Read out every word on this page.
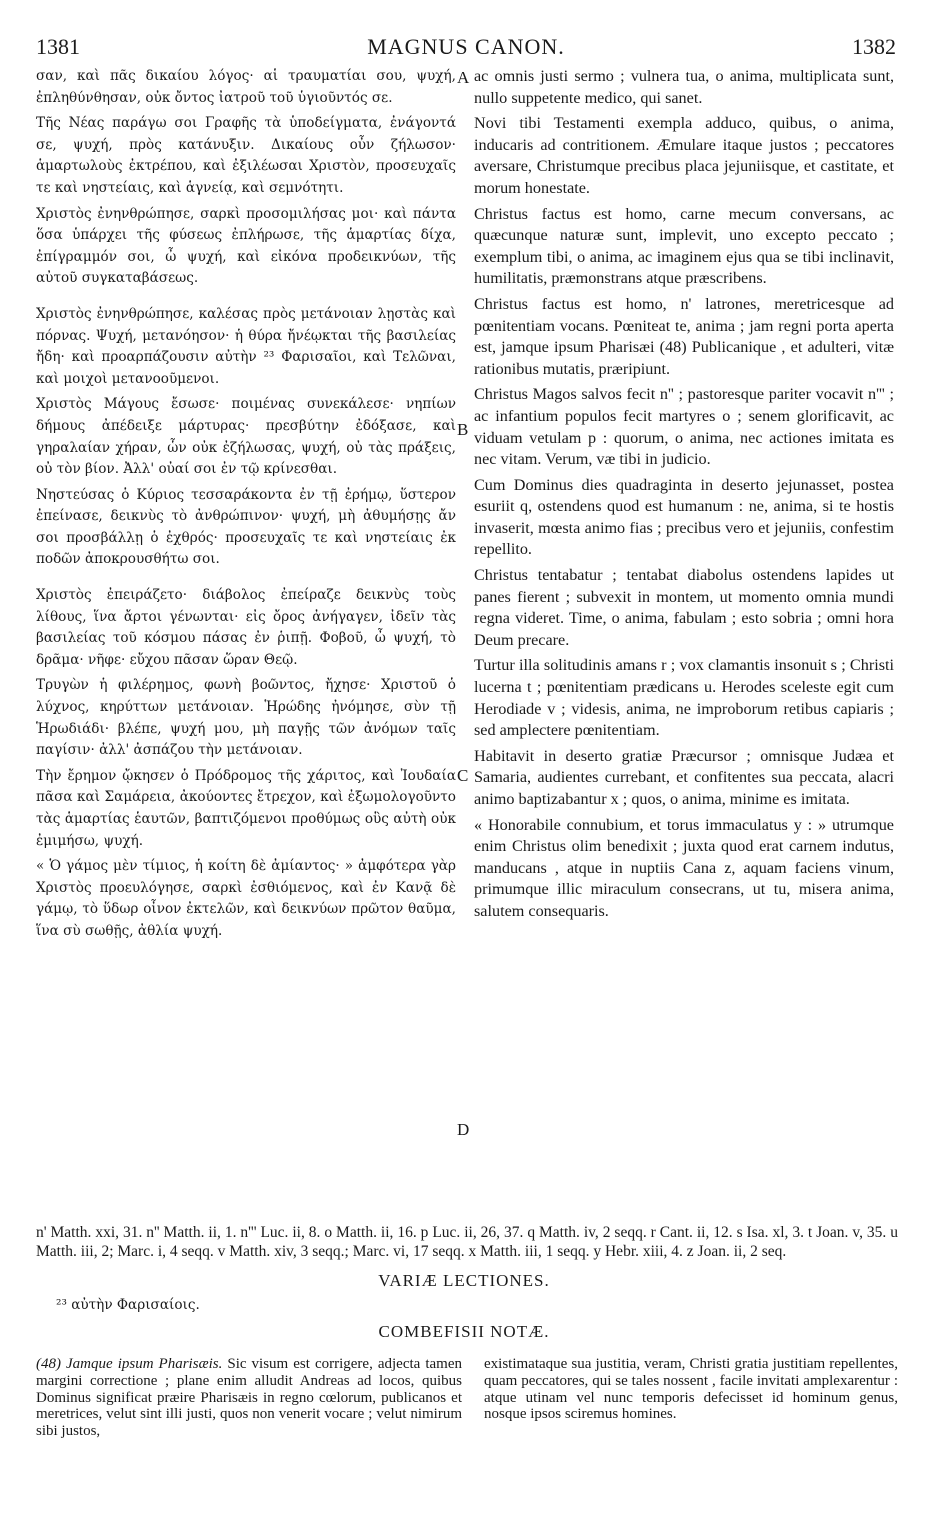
1381	MAGNUS CANON.	1382

σαν, καὶ πᾶς δικαίου λόγος· αἱ τραυματίαι σου, ψυχή, ἐπληθύνθησαν, οὐκ ὄντος ἰατροῦ τοῦ ὑγιοῦντός σε.

Τῆς Νέας παράγω σοι Γραφῆς τὰ ὑποδείγματα, ἐνάγοντά σε, ψυχή, πρὸς κατάνυξιν. Δικαίους οὖν ζήλωσον· ἁμαρτωλοὺς ἐκτρέπου, καὶ ἐξιλέωσαι Χριστὸν, προσευχαῖς τε καὶ νηστείαις, καὶ ἁγνείᾳ, καὶ σεμνότητι.

Χριστὸς ἐνηνθρώπησε, σαρκὶ προσομιλήσας μοι· καὶ πάντα ὅσα ὑπάρχει τῆς φύσεως ἐπλήρωσε, τῆς ἁμαρτίας δίχα, ἐπίγραμμόν σοι, ὦ ψυχή, καὶ εἰκόνα προδεικνύων, τῆς αὐτοῦ συγκαταβάσεως.

Χριστὸς ἐνηνθρώπησε, καλέσας πρὸς μετάνοιαν λῃστὰς καὶ πόρνας. Ψυχή, μετανόησον· ἡ θύρα ἤνέῳκται τῆς βασιλείας ἤδη· καὶ προαρπάζουσιν αὐτὴν ²³ Φαρισαῖοι, καὶ Τελῶναι, καὶ μοιχοὶ μετανοοῦμενοι.

Χριστὸς Μάγους ἔσωσε· ποιμένας συνεκάλεσε· νηπίων δήμους ἀπέδειξε μάρτυρας· πρεσβύτην ἐδόξασε, καὶ γηραλαίαν χήραν, ὧν οὐκ ἐζήλωσας, ψυχή, οὐ τὰς πράξεις, οὐ τὸν βίον. Ἀλλ' οὐαί σοι ἐν τῷ κρίνεσθαι.

Νηστεύσας ὁ Κύριος τεσσαράκοντα ἐν τῇ ἐρήμῳ, ὕστερον ἐπείνασε, δεικνὺς τὸ ἀνθρώπινον· ψυχή, μὴ ἀθυμήσῃς ἄν σοι προσβάλλῃ ὁ ἐχθρός· προσευχαῖς τε καὶ νηστείαις ἐκ ποδῶν ἀποκρουσθήτω σοι.

Χριστὸς ἐπειράζετο· διάβολος ἐπείραζε δεικνὺς τοὺς λίθους, ἵνα ἄρτοι γένωνται· εἰς ὄρος ἀνήγαγεν, ἰδεῖν τὰς βασιλείας τοῦ κόσμου πάσας ἐν ῥιπῇ. Φοβοῦ, ὦ ψυχή, τὸ δρᾶμα· νῆφε· εὔχου πᾶσαν ὥραν Θεῷ.

Τρυγὼν ἡ φιλέρημος, φωνὴ βοῶντος, ἤχησε· Χριστοῦ ὁ λύχνος, κηρύττων μετάνοιαν. Ἡρώδης ἠνόμησε, σὺν τῇ Ἡρωδιάδι· βλέπε, ψυχή μου, μὴ παγῇς τῶν ἀνόμων ταῖς παγίσιν· ἀλλ' ἀσπάζου τὴν μετάνοιαν.

Τὴν ἔρημον ᾤκησεν ὁ Πρόδρομος τῆς χάριτος, καὶ Ἰουδαία πᾶσα καὶ Σαμάρεια, ἀκούοντες ἔτρεχον, καὶ ἐξωμολογοῦντο τὰς ἁμαρτίας ἑαυτῶν, βαπτιζόμενοι προθύμως οὓς αὐτὴ οὐκ ἐμιμήσω, ψυχή.

« Ὁ γάμος μὲν τίμιος, ἡ κοίτη δὲ ἀμίαντος· » ἀμφότερα γὰρ Χριστὸς προευλόγησε, σαρκὶ ἐσθιόμενος, καὶ ἐν Κανᾷ δὲ γάμῳ, τὸ ὕδωρ οἶνον ἐκτελῶν, καὶ δεικνύων πρῶτον θαῦμα, ἵνα σὺ σωθῇς, ἀθλία ψυχή.

A
B
C
D

ac omnis justi sermo ; vulnera tua, o anima, multiplicata sunt, nullo suppetente medico, qui sanet.

Novi tibi Testamenti exempla adduco, quibus, o anima, inducaris ad contritionem. Æmulare itaque justos ; peccatores aversare, Christumque precibus placa jejuniisque, et castitate, et morum honestate.

Christus factus est homo, carne mecum conversans, ac quæcunque naturæ sunt, implevit, uno excepto peccato ; exemplum tibi, o anima, ac imaginem ejus qua se tibi inclinavit, humilitatis, præmonstrans atque præscribens.

Christus factus est homo, n' latrones, meretricesque ad pœnitentiam vocans. Pœniteat te, anima ; jam regni porta aperta est, jamque ipsum Pharisæi (48) Publicanique , et adulteri, vitæ rationibus mutatis, præripiunt.

Christus Magos salvos fecit n'' ; pastoresque pariter vocavit n''' ; ac infantium populos fecit martyres o ; senem glorificavit, ac viduam vetulam p : quorum, o anima, nec actiones imitata es nec vitam. Verum, væ tibi in judicio.

Cum Dominus dies quadraginta in deserto jejunasset, postea esuriit q, ostendens quod est humanum : ne, anima, si te hostis invaserit, mœsta animo fias ; precibus vero et jejuniis, confestim repellito.

Christus tentabatur ; tentabat diabolus ostendens lapides ut panes fierent ; subvexit in montem, ut momento omnia mundi regna videret. Time, o anima, fabulam ; esto sobria ; omni hora Deum precare.

Turtur illa solitudinis amans r ; vox clamantis insonuit s ; Christi lucerna t ; pœnitentiam prædicans u. Herodes sceleste egit cum Herodiade v ; videsis, anima, ne improborum retibus capiaris ; sed amplectere pœnitentiam.

Habitavit in deserto gratiæ Præcursor ; omnisque Judæa et Samaria, audientes currebant, et confitentes sua peccata, alacri animo baptizabantur x ; quos, o anima, minime es imitata.

« Honorabile connubium, et torus immaculatus y : » utrumque enim Christus olim benedixit ; juxta quod erat carnem indutus, manducans , atque in nuptiis Cana z, aquam faciens vinum, primumque illic miraculum consecrans, ut tu, misera anima, salutem consequaris.

n' Matth. xxi, 31. n'' Matth. ii, 1. n''' Luc. ii, 8. o Matth. ii, 16. p Luc. ii, 26, 37. q Matth. iv, 2 seqq. r Cant. ii, 12. s Isa. xl, 3. t Joan. v, 35. u Matth. iii, 2; Marc. i, 4 seqq. v Matth. xiv, 3 seqq.; Marc. vi, 17 seqq. x Matth. iii, 1 seqq. y Hebr. xiii, 4. z Joan. ii, 2 seq.
VARIÆ LECTIONES.
²³ αὐτὴν Φαρισαίοις.
COMBEFISII NOTÆ.
(48) Jamque ipsum Pharisæis. Sic visum est corrigere, adjecta tamen margini correctione ; plane enim alludit Andreas ad locos, quibus Dominus significat præire Pharisæis in regno cœlorum, publicanos et meretrices, velut sint illi justi, quos non venerit vocare ; velut nimirum sibi justos,
existimataque sua justitia, veram, Christi gratia justitiam repellentes, quam peccatores, qui se tales nossent , facile invitati amplexarentur : atque utinam vel nunc temporis defecisset id hominum genus, nosque ipsos sciremus homines.
